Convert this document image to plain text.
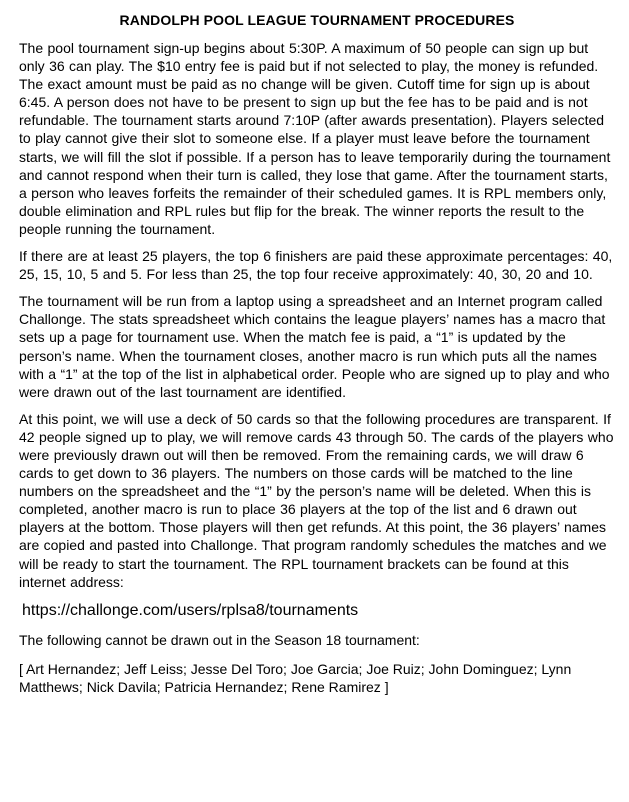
RANDOLPH POOL LEAGUE TOURNAMENT PROCEDURES

The pool tournament sign-up begins about 5:30P. A maximum of 50 people can sign up but only 36 can play. The $10 entry fee is paid but if not selected to play, the money is refunded. The exact amount must be paid as no change will be given. Cutoff time for sign up is about 6:45. A person does not have to be present to sign up but the fee has to be paid and is not refundable. The tournament starts around 7:10P (after awards presentation). Players selected to play cannot give their slot to someone else. If a player must leave before the tournament starts, we will fill the slot if possible. If a person has to leave temporarily during the tournament and cannot respond when their turn is called, they lose that game. After the tournament starts, a person who leaves forfeits the remainder of their scheduled games. It is RPL members only, double elimination and RPL rules but flip for the break. The winner reports the result to the people running the tournament.

If there are at least 25 players, the top 6 finishers are paid these approximate percentages: 40, 25, 15, 10, 5 and 5. For less than 25, the top four receive approximately: 40, 30, 20 and 10.

The tournament will be run from a laptop using a spreadsheet and an Internet program called Challonge. The stats spreadsheet which contains the league players’ names has a macro that sets up a page for tournament use. When the match fee is paid, a “1” is updated by the person’s name. When the tournament closes, another macro is run which puts all the names with a “1” at the top of the list in alphabetical order. People who are signed up to play and who were drawn out of the last tournament are identified.

At this point, we will use a deck of 50 cards so that the following procedures are transparent. If 42 people signed up to play, we will remove cards 43 through 50. The cards of the players who were previously drawn out will then be removed. From the remaining cards, we will draw 6 cards to get down to 36 players. The numbers on those cards will be matched to the line numbers on the spreadsheet and the “1” by the person’s name will be deleted. When this is completed, another macro is run to place 36 players at the top of the list and 6 drawn out players at the bottom. Those players will then get refunds. At this point, the 36 players’ names are copied and pasted into Challonge. That program randomly schedules the matches and we will be ready to start the tournament. The RPL tournament brackets can be found at this internet address:

https://challonge.com/users/rplsa8/tournaments
The following cannot be drawn out in the Season 18 tournament:
[ Art Hernandez; Jeff Leiss; Jesse Del Toro; Joe Garcia; Joe Ruiz; John Dominguez; Lynn Matthews; Nick Davila; Patricia Hernandez; Rene Ramirez ]
